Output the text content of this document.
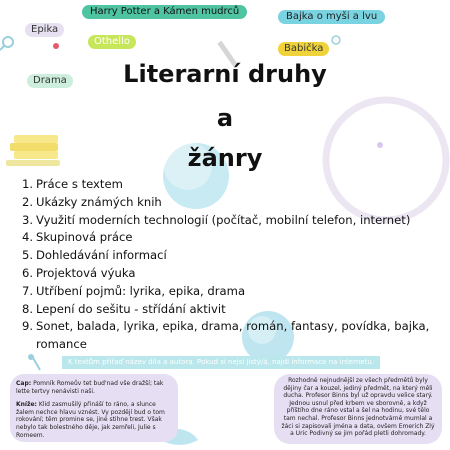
Harry Potter a Kámen mudrců	Bajka o myši a lvu
Epika
Othello
Babička
Drama	Literarní druhy
a
žánry
1. Práce s textem
2. Ukázky známých knih
3. Využití moderních technologií (počítač, mobilní telefon, internet)
4. Skupinová práce
5. Dohledávání informací
6. Projektová výuka
7. Utříbení pojmů: lyrika, epika, drama
8. Lepení do sešitu - střídání aktivit
9. Sonet, balada, lyrika, epika, drama, román, fantasy, povídka, bajka, romance
K textům přiřaď název díla a autora. Pokud si nejsi jistý/á, najdi informace na internetu.
Cap: Pomník Romeův tet bud'nad vše dražší; tak lette tertvy nenávisti naši.
Kníže: Klid zasmušilý přináší to ráno, a slunce žalem nechce hlavu vznést. Vy pozdějí bud o tom rokování; těm promine se, jiné stihne trest. Však nebylo tak bolestného děje, jak zemřeli, Julie s Romeem.
Rozhodně nejnudnější ze všech předmětů byly dějiny čar a kouzel, jediný předmět, na který měli ducha. Profesor Binns byl už opravdu velice starý. Jednou usnul před krbem ve sborovně, a když příštího dne ráno vstal a šel na hodinu, své tělo tam nechal. Profesor Binns jednotvárně mumlal a žáci si zapisovali jména a data, ovšem Emerich Zlý a Uric Podivný se jim pořád pletli dohromady.
